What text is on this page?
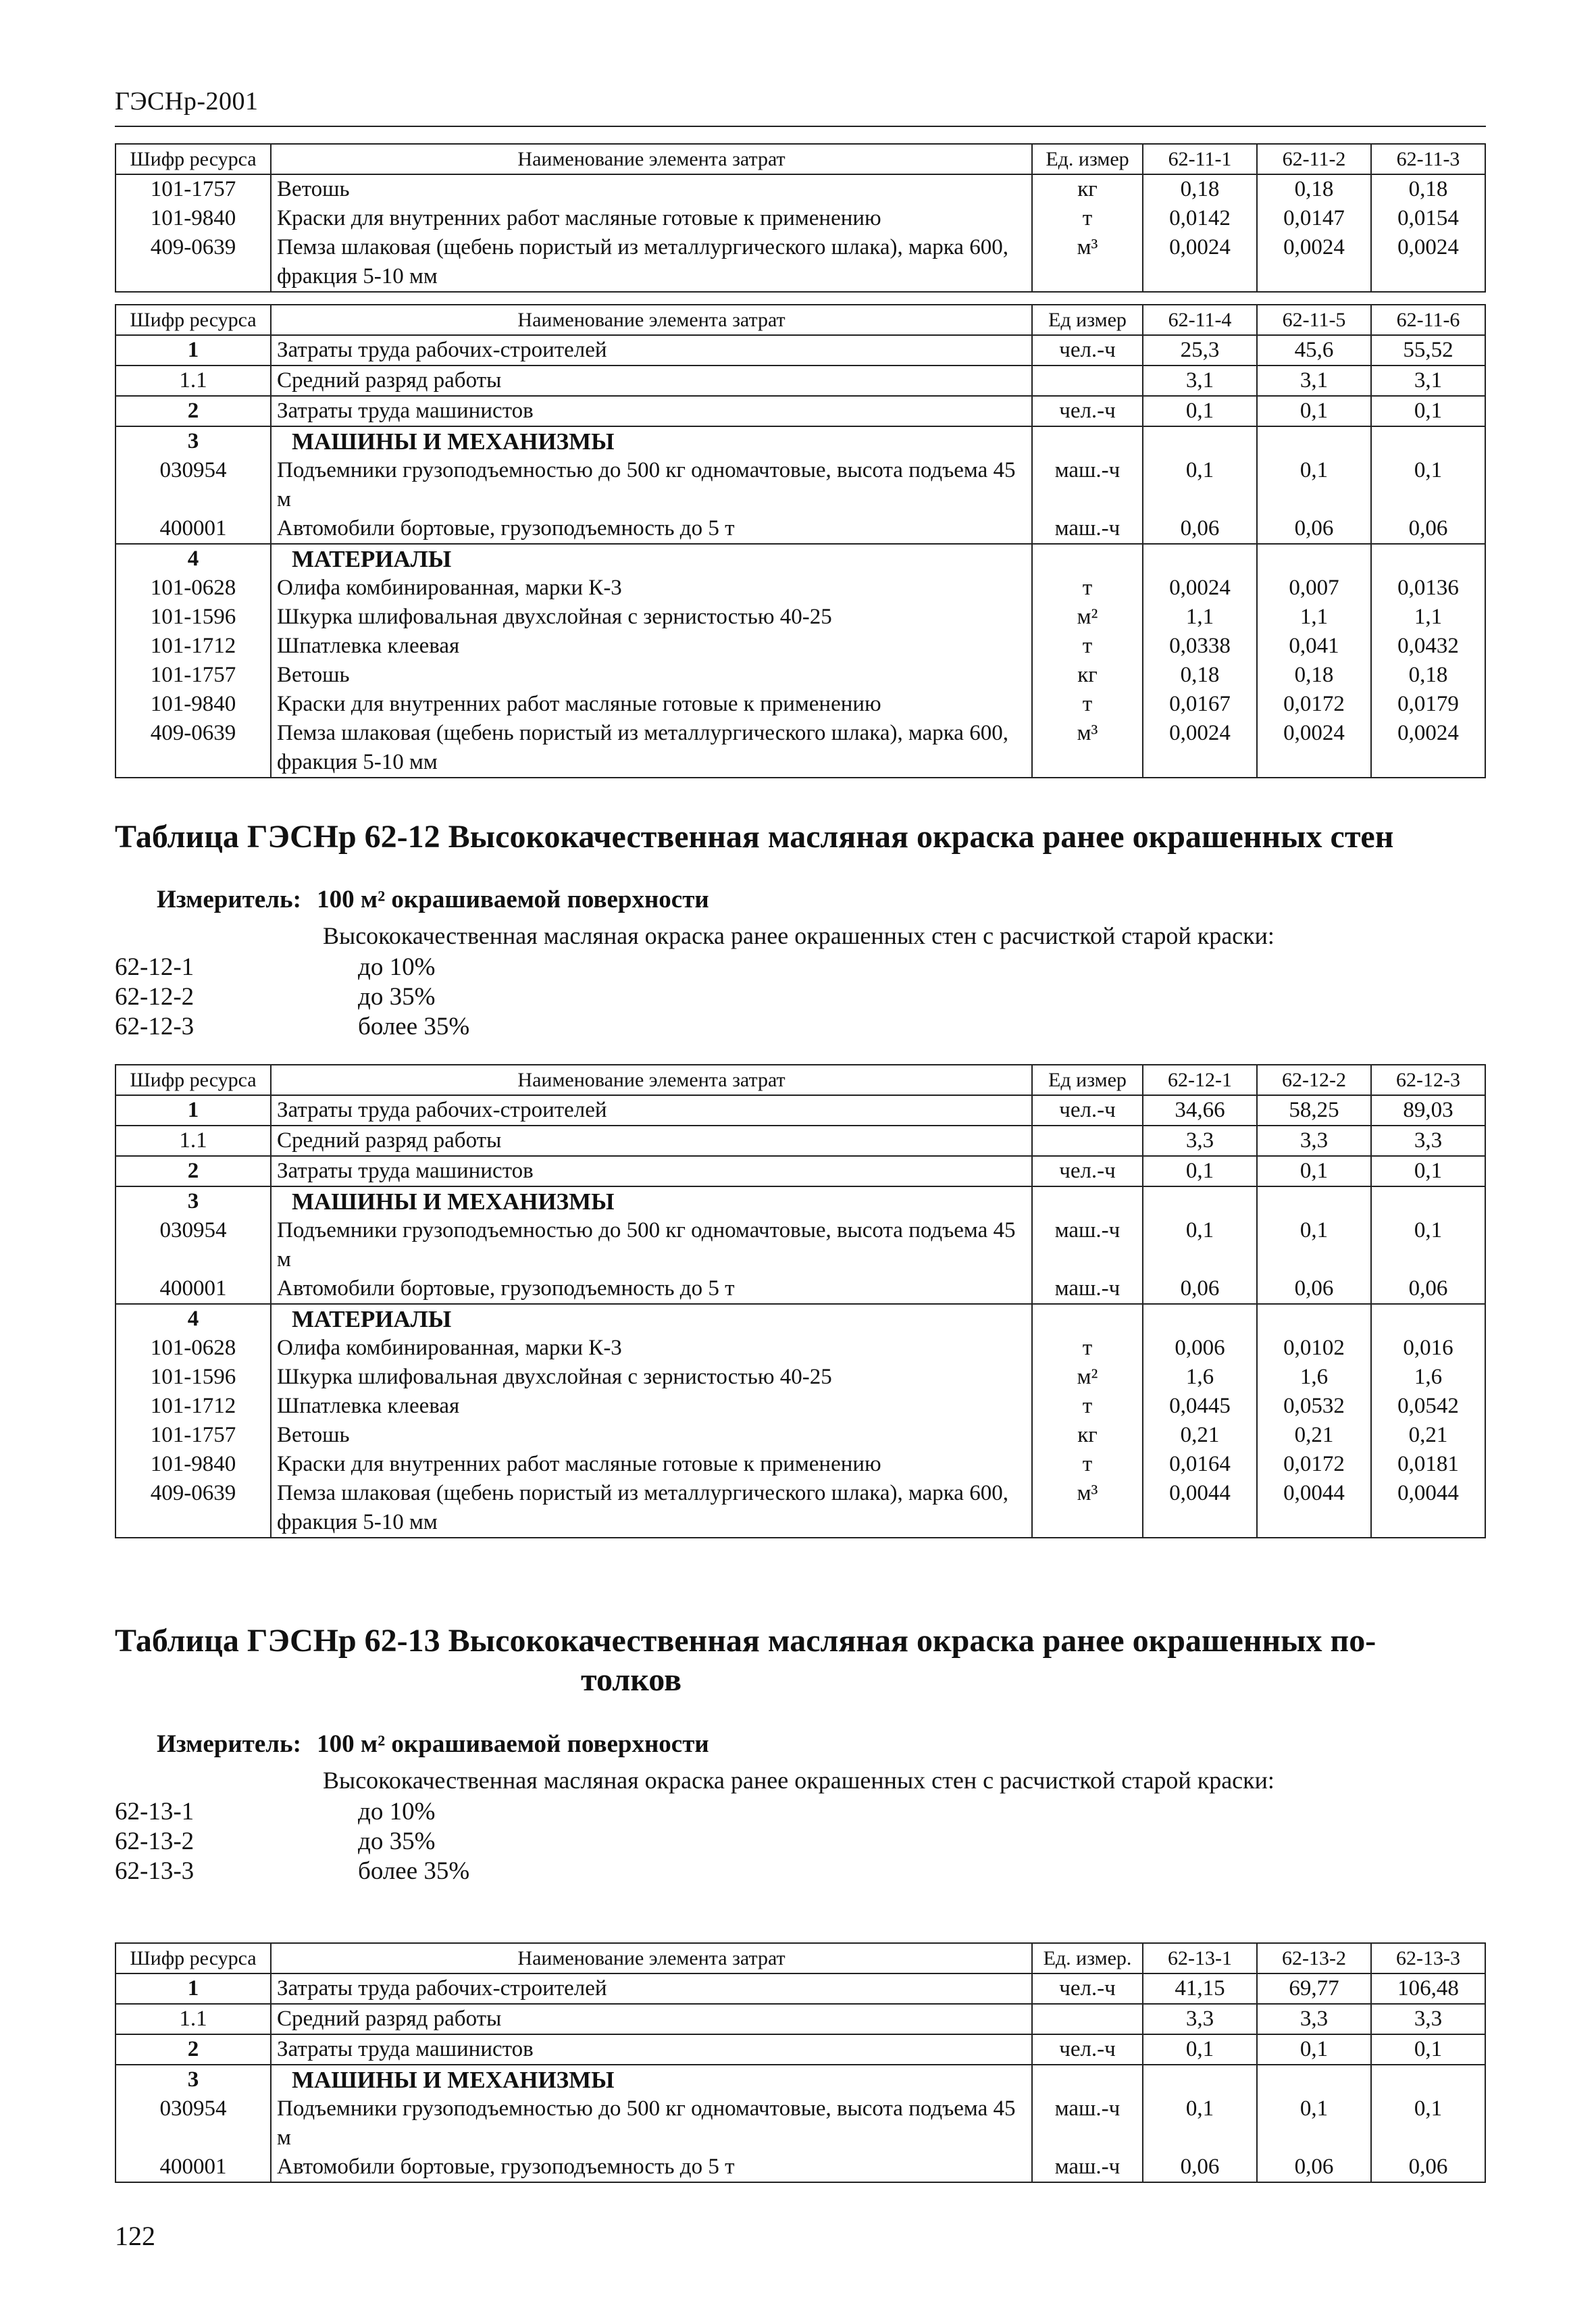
ГЭСНр-2001
Шифр ресурса	Наименование элемента затрат	Ед. измер	62-11-1	62-11-2	62-11-3
101-1757	Ветошь	кг	0,18	0,18	0,18
101-9840	Краски для внутренних работ масляные готовые к применению	т	0,0142	0,0147	0,0154
409-0639	Пемза шлаковая (щебень пористый из металлургического шлака), марка 600, фракция 5-10 мм	м³	0,0024	0,0024	0,0024
Шифр ресурса	Наименование элемента затрат	Ед измер	62-11-4	62-11-5	62-11-6
1	Затраты труда рабочих-строителей	чел.-ч	25,3	45,6	55,52
1.1	Средний разряд работы		3,1	3,1	3,1
2	Затраты труда машинистов	чел.-ч	0,1	0,1	0,1
3	МАШИНЫ И МЕХАНИЗМЫ				
030954	Подъемники грузоподъемностью до 500 кг одномачтовые, высота подъема 45 м	маш.-ч	0,1	0,1	0,1
400001	Автомобили бортовые, грузоподъемность до 5 т	маш.-ч	0,06	0,06	0,06
4	МАТЕРИАЛЫ				
101-0628	Олифа комбинированная, марки К-3	т	0,0024	0,007	0,0136
101-1596	Шкурка шлифовальная двухслойная с зернистостью 40-25	м²	1,1	1,1	1,1
101-1712	Шпатлевка клеевая	т	0,0338	0,041	0,0432
101-1757	Ветошь	кг	0,18	0,18	0,18
101-9840	Краски для внутренних работ масляные готовые к применению	т	0,0167	0,0172	0,0179
409-0639	Пемза шлаковая (щебень пористый из металлургического шлака), марка 600, фракция 5-10 мм	м³	0,0024	0,0024	0,0024
Таблица ГЭСНр 62-12 Высококачественная масляная окраска ранее окрашенных стен
Измеритель: 100 м² окрашиваемой поверхности
Высококачественная масляная окраска ранее окрашенных стен с расчисткой старой краски:
62-12-1	до 10%
62-12-2	до 35%
62-12-3	более 35%
Шифр ресурса	Наименование элемента затрат	Ед измер	62-12-1	62-12-2	62-12-3
1	Затраты труда рабочих-строителей	чел.-ч	34,66	58,25	89,03
1.1	Средний разряд работы		3,3	3,3	3,3
2	Затраты труда машинистов	чел.-ч	0,1	0,1	0,1
3	МАШИНЫ И МЕХАНИЗМЫ				
030954	Подъемники грузоподъемностью до 500 кг одномачтовые, высота подъема 45 м	маш.-ч	0,1	0,1	0,1
400001	Автомобили бортовые, грузоподъемность до 5 т	маш.-ч	0,06	0,06	0,06
4	МАТЕРИАЛЫ				
101-0628	Олифа комбинированная, марки К-3	т	0,006	0,0102	0,016
101-1596	Шкурка шлифовальная двухслойная с зернистостью 40-25	м²	1,6	1,6	1,6
101-1712	Шпатлевка клеевая	т	0,0445	0,0532	0,0542
101-1757	Ветошь	кг	0,21	0,21	0,21
101-9840	Краски для внутренних работ масляные готовые к применению	т	0,0164	0,0172	0,0181
409-0639	Пемза шлаковая (щебень пористый из металлургического шлака), марка 600, фракция 5-10 мм	м³	0,0044	0,0044	0,0044
Таблица ГЭСНр 62-13 Высококачественная масляная окраска ранее окрашенных по-
толков
Измеритель: 100 м² окрашиваемой поверхности
Высококачественная масляная окраска ранее окрашенных стен с расчисткой старой краски:
62-13-1	до 10%
62-13-2	до 35%
62-13-3	более 35%
Шифр ресурса	Наименование элемента затрат	Ед. измер.	62-13-1	62-13-2	62-13-3
1	Затраты труда рабочих-строителей	чел.-ч	41,15	69,77	106,48
1.1	Средний разряд работы		3,3	3,3	3,3
2	Затраты труда машинистов	чел.-ч	0,1	0,1	0,1
3	МАШИНЫ И МЕХАНИЗМЫ				
030954	Подъемники грузоподъемностью до 500 кг одномачтовые, высота подъема 45 м	маш.-ч	0,1	0,1	0,1
400001	Автомобили бортовые, грузоподъемность до 5 т	маш.-ч	0,06	0,06	0,06
122
